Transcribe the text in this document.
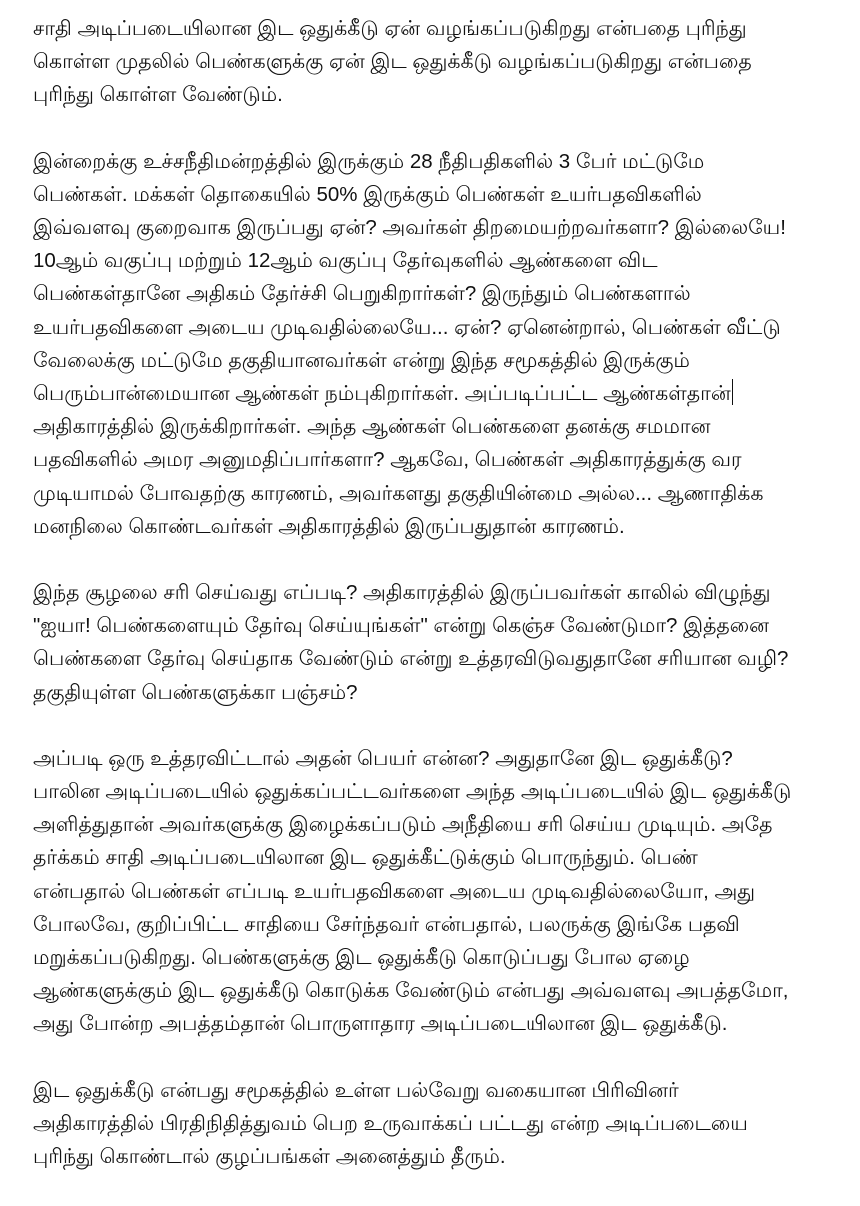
சாதி அடிப்படையிலான இட ஒதுக்கீடு ஏன் வழங்கப்படுகிறது என்பதை புரிந்து
கொள்ள முதலில் பெண்களுக்கு ஏன் இட ஒதுக்கீடு வழங்கப்படுகிறது என்பதை
புரிந்து கொள்ள வேண்டும்.
இன்றைக்கு உச்சநீதிமன்றத்தில் இருக்கும் 28 நீதிபதிகளில் 3 பேர் மட்டுமே
பெண்கள். மக்கள் தொகையில் 50% இருக்கும் பெண்கள் உயர்பதவிகளில்
இவ்வளவு குறைவாக இருப்பது ஏன்? அவர்கள் திறமையற்றவர்களா? இல்லையே!
10ஆம் வகுப்பு மற்றும் 12ஆம் வகுப்பு தேர்வுகளில் ஆண்களை விட
பெண்கள்தானே அதிகம் தேர்ச்சி பெறுகிறார்கள்? இருந்தும் பெண்களால்
உயர்பதவிகளை அடைய முடிவதில்லையே... ஏன்? ஏனென்றால், பெண்கள் வீட்டு
வேலைக்கு மட்டுமே தகுதியானவர்கள் என்று இந்த சமூகத்தில் இருக்கும்
பெரும்பான்மையான ஆண்கள் நம்புகிறார்கள். அப்படிப்பட்ட ஆண்கள்தான்
அதிகாரத்தில் இருக்கிறார்கள். அந்த ஆண்கள் பெண்களை தனக்கு சமமான
பதவிகளில் அமர அனுமதிப்பார்களா? ஆகவே, பெண்கள் அதிகாரத்துக்கு வர
முடியாமல் போவதற்கு காரணம், அவர்களது தகுதியின்மை அல்ல... ஆணாதிக்க
மனநிலை கொண்டவர்கள் அதிகாரத்தில் இருப்பதுதான் காரணம்.
இந்த சூழலை சரி செய்வது எப்படி? அதிகாரத்தில் இருப்பவர்கள் காலில் விழுந்து
"ஐயா! பெண்களையும் தேர்வு செய்யுங்கள்" என்று கெஞ்ச வேண்டுமா? இத்தனை
பெண்களை தேர்வு செய்தாக வேண்டும் என்று உத்தரவிடுவதுதானே சரியான வழி?
தகுதியுள்ள பெண்களுக்கா பஞ்சம்?
அப்படி ஒரு உத்தரவிட்டால் அதன் பெயர் என்ன? அதுதானே இட ஒதுக்கீடு?
பாலின அடிப்படையில் ஒதுக்கப்பட்டவர்களை அந்த அடிப்படையில் இட ஒதுக்கீடு
அளித்துதான் அவர்களுக்கு இழைக்கப்படும் அநீதியை சரி செய்ய முடியும். அதே
தர்க்கம் சாதி அடிப்படையிலான இட ஒதுக்கீட்டுக்கும் பொருந்தும். பெண்
என்பதால் பெண்கள் எப்படி உயர்பதவிகளை அடைய முடிவதில்லையோ, அது
போலவே, குறிப்பிட்ட சாதியை சேர்ந்தவர் என்பதால், பலருக்கு இங்கே பதவி
மறுக்கப்படுகிறது. பெண்களுக்கு இட ஒதுக்கீடு கொடுப்பது போல ஏழை
ஆண்களுக்கும் இட ஒதுக்கீடு கொடுக்க வேண்டும் என்பது அவ்வளவு அபத்தமோ,
அது போன்ற அபத்தம்தான் பொருளாதார அடிப்படையிலான இட ஒதுக்கீடு.
இட ஒதுக்கீடு என்பது சமூகத்தில் உள்ள பல்வேறு வகையான பிரிவினர்
அதிகாரத்தில் பிரதிநிதித்துவம் பெற உருவாக்கப் பட்டது என்ற அடிப்படையை
புரிந்து கொண்டால் குழப்பங்கள் அனைத்தும் தீரும்.
